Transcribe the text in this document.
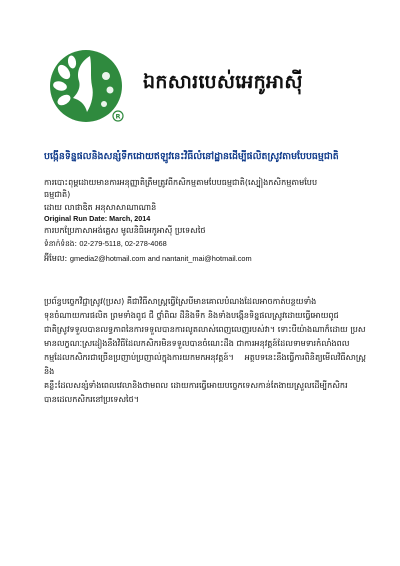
R
ឯកសារបេស់អេកូអាស៊ី
បង្កើនទិន្នផលនិងសន្សំទឹកដោយឥឡូវនេះវិធីលំនៅដ្ឋានដើម្បីផលិតស្រូវតាមបែបធម្មជាតិ
ការបោះពុម្ពដោយមានការអនុញ្ញាតិត្រឹមត្រូវពីកសិកម្មតាមបែបធម្មជាតិ(ស្បៀងកសិកម្មតាមបែប
ធម្មជាតិ)
ដោយ លាផាឌិត អនុសាសាណាណានិ
Original Run Date: March, 2014
ការបកប្រែភាសាអង់គ្លេស មូលនិធិអេកូអាស៊ី ប្រទេសថៃ
ទំនាក់ទំនង: 02-279-5118, 02-278-4068
អ៊ីមែល: gmedia2@hotmail.com and nantanit_mai@hotmail.com
ប្រព័ន្ធបច្ចេកវិជ្ជាស្រូវ(ប្រស) គឺជាវិធីសាស្ត្រធ្វើស្រែបីមានគោលបំណងដែលអាចកាត់បន្ថយទាំង
ទុនចំណាយការផលិត ព្រមទាំងពូជ ជី ថ្នាំពិឍ ដីនិងទឹក និងទាំងបង្កើនទិន្នផលស្រូវដោយធ្វើអោយពូជ
ជាតិស្រូវទទួលបានលទ្ធភាពនៃការទទួលបានការលូតលាស់ពេញលេញរបស់វា។ ទោះបីយ៉ាងណាក៏ដោយ ប្រស
មានលក្ខណៈស្រដៀងនឹងវិធីដែលកសិករមិនទទួលបានចំណេះដឹង ជាការអនុវត្តន៍ដែលទាមទារកំលាំងពល
កម្មដែលកសិករជាច្រើនប្រញាប់ប្រញាល់ក្នុងការយកមកអនុវត្តន៍។ អត្ថបទនេះនឹងធ្វើការពិនិត្យមើលវិធីសាស្ត្រនិង
គន្លឹះដែលសន្សំទាំងពេលវេលានិងថាមពល ដោយការធ្វើអោយបច្ចេកទេសកាន់តែងាយស្រួលដើម្បីកសិករ
បានដេលកសិករនៅប្រទេសថៃ។
